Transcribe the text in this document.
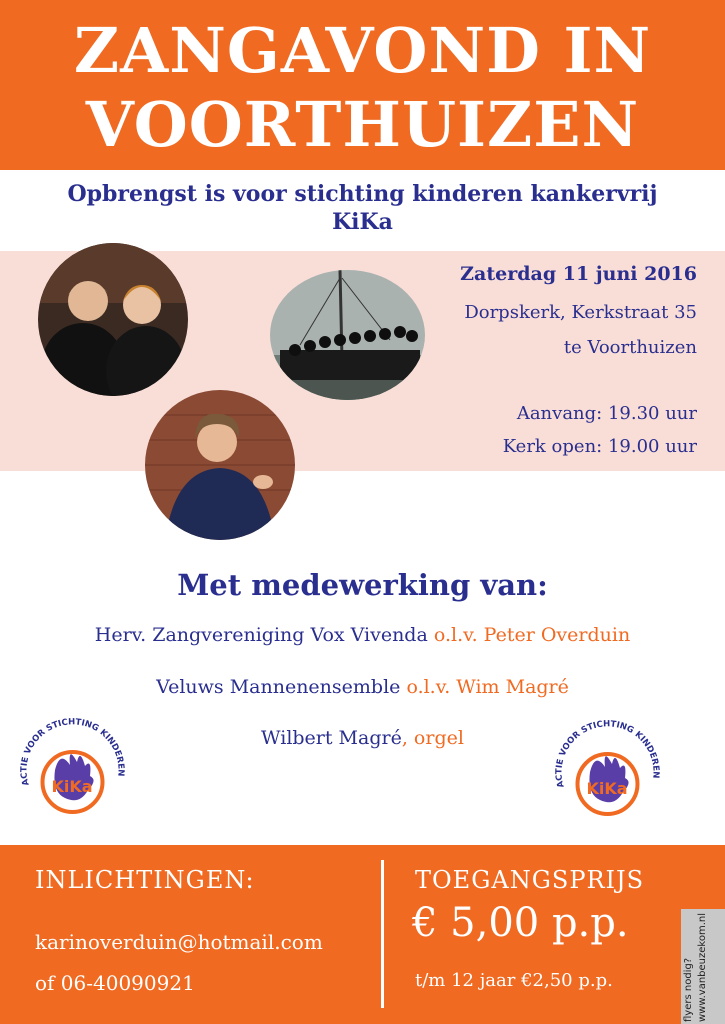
ZANGAVOND IN
VOORTHUIZEN
Opbrengst is voor stichting kinderen kankervrij
KiKa
Zaterdag 11 juni 2016
Dorpskerk, Kerkstraat 35
te Voorthuizen
Aanvang: 19.30 uur
Kerk open: 19.00 uur
Met medewerking van:
Herv. Zangvereniging Vox Vivenda o.l.v. Peter Overduin
Veluws Mannenensemble o.l.v. Wim Magré
Wilbert Magré, orgel
KiKa
ACTIE VOOR STICHTING KINDEREN
KiKa
ACTIE VOOR STICHTING KINDEREN
INLICHTINGEN:
karinoverduin@hotmail.com
of 06-40090921
TOEGANGSPRIJS
€ 5,00 p.p.
t/m 12 jaar €2,50 p.p.	flyers nodig? www.vanbeuzekom.nl
